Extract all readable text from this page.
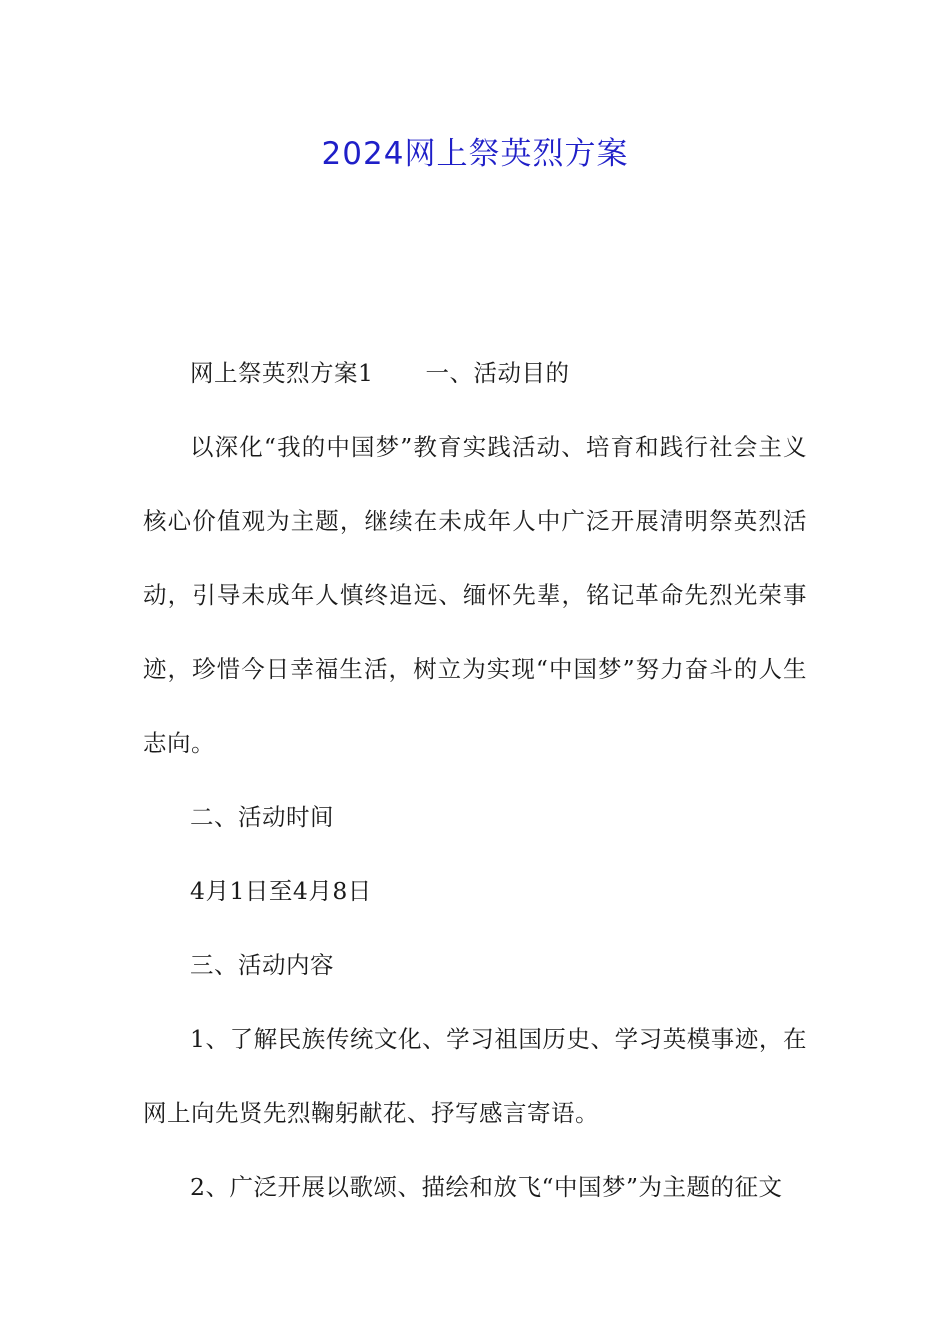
2024网上祭英烈方案

网上祭英烈方案1 一、活动目的

以深化“我的中国梦”教育实践活动、培育和践行社会主义核心价值观为主题，继续在未成年人中广泛开展清明祭英烈活动，引导未成年人慎终追远、缅怀先辈，铭记革命先烈光荣事迹，珍惜今日幸福生活，树立为实现“中国梦”努力奋斗的人生志向。

二、活动时间

4月1日至4月8日

三、活动内容

1、了解民族传统文化、学习祖国历史、学习英模事迹，在网上向先贤先烈鞠躬献花、抒写感言寄语。

2、广泛开展以歌颂、描绘和放飞“中国梦”为主题的征文
